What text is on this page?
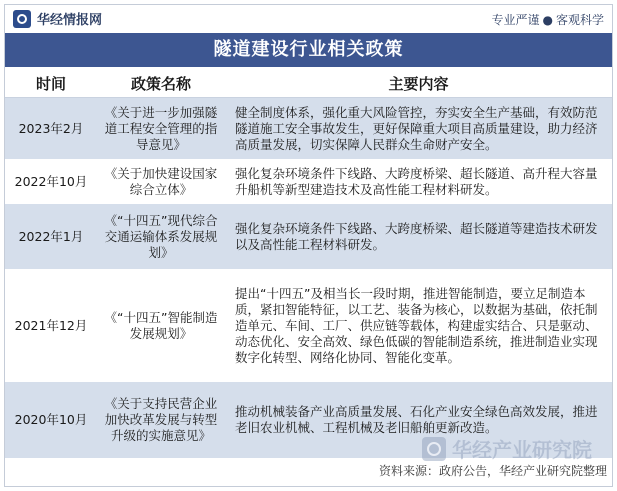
华经情报网	专业严谨 ● 客观科学
隧道建设行业相关政策
时间	政策名称	主要内容
2023年2月	《关于进一步加强隧道工程安全管理的指导意见》	健全制度体系，强化重大风险管控，夯实安全生产基础，有效防范隧道施工安全事故发生，更好保障重大项目高质量建设，助力经济高质量发展，切实保障人民群众生命财产安全。
2022年10月	《关于加快建设国家综合立体》	强化复杂环境条件下线路、大跨度桥梁、超长隧道、高升程大容量升船机等新型建造技术及高性能工程材料研发。
2022年1月	《“十四五”现代综合交通运输体系发展规划》	强化复杂环境条件下线路、大跨度桥梁、超长隧道等建造技术研发以及高性能工程材料研发。
2021年12月	《“十四五”智能制造发展规划》	提出“十四五”及相当长一段时期，推进智能制造，要立足制造本质，紧扣智能特征，以工艺、装备为核心，以数据为基础，依托制造单元、车间、工厂、供应链等载体，构建虚实结合、只是驱动、动态优化、安全高效、绿色低碳的智能制造系统，推进制造业实现数字化转型、网络化协同、智能化变革。
2020年10月	《关于支持民营企业加快改革发展与转型升级的实施意见》	推动机械装备产业高质量发展、石化产业安全绿色高效发展，推进老旧农业机械、工程机械及老旧船舶更新改造。
华经产业研究院
资料来源：政府公告，华经产业研究院整理
